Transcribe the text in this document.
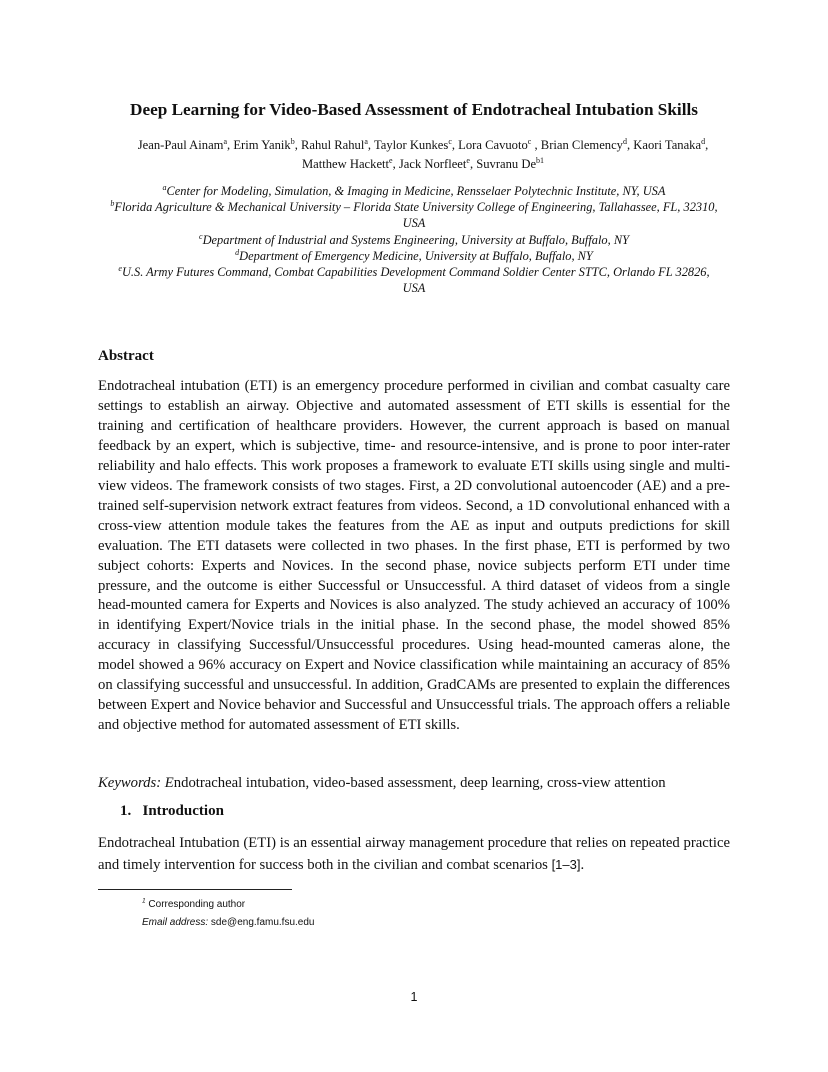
Deep Learning for Video-Based Assessment of Endotracheal Intubation Skills

Jean-Paul Ainam$^a$, Erim Yanik$^b$, Rahul Rahul$^a$, Taylor Kunkes$^c$, Lora Cavuoto$^c$ , Brian Clemency$^d$, Kaori Tanaka$^d$, Matthew Hackett$^e$, Jack Norfleet$^e$, Suvranu $De^{b1}$

$^a$Center for Modeling, Simulation, & Imaging in Medicine, Rensselaer Polytechnic Institute, NY, USA
$^b$Florida Agriculture & Mechanical University – Florida State University College of Engineering, Tallahassee, FL, 32310, USA
$^c$Department of Industrial and Systems Engineering, University at Buffalo, Buffalo, NY
$^d$Department of Emergency Medicine, University at Buffalo, Buffalo, NY
$^e$U.S. Army Futures Command, Combat Capabilities Development Command Soldier Center STTC, Orlando FL 32826, USA
Abstract

Endotracheal intubation (ETI) is an emergency procedure performed in civilian and combat casualty care settings to establish an airway. Objective and automated assessment of ETI skills is essential for the training and certification of healthcare providers. However, the current approach is based on manual feedback by an expert, which is subjective, time- and resource-intensive, and is prone to poor inter-rater reliability and halo effects. This work proposes a framework to evaluate ETI skills using single and multi-view videos. The framework consists of two stages. First, a 2D convolutional autoencoder (AE) and a pre-trained self-supervision network extract features from videos. Second, a 1D convolutional enhanced with a cross-view attention module takes the features from the AE as input and outputs predictions for skill evaluation. The ETI datasets were collected in two phases. In the first phase, ETI is performed by two subject cohorts: Experts and Novices. In the second phase, novice subjects perform ETI under time pressure, and the outcome is either Successful or Unsuccessful. A third dataset of videos from a single head-mounted camera for Experts and Novices is also analyzed. The study achieved an accuracy of 100% in identifying Expert/Novice trials in the initial phase. In the second phase, the model showed 85% accuracy in classifying Successful/Unsuccessful procedures. Using head-mounted cameras alone, the model showed a 96% accuracy on Expert and Novice classification while maintaining an accuracy of 85% on classifying successful and unsuccessful. In addition, GradCAMs are presented to explain the differences between Expert and Novice behavior and Successful and Unsuccessful trials. The approach offers a reliable and objective method for automated assessment of ETI skills.

Keywords: Endotracheal intubation, video-based assessment, deep learning, cross-view attention

1. Introduction

Endotracheal Intubation (ETI) is an essential airway management procedure that relies on repeated practice and timely intervention for success both in the civilian and combat scenarios [1–3].

$^1$ Corresponding author
Email address: sde@eng.famu.fsu.edu
1
